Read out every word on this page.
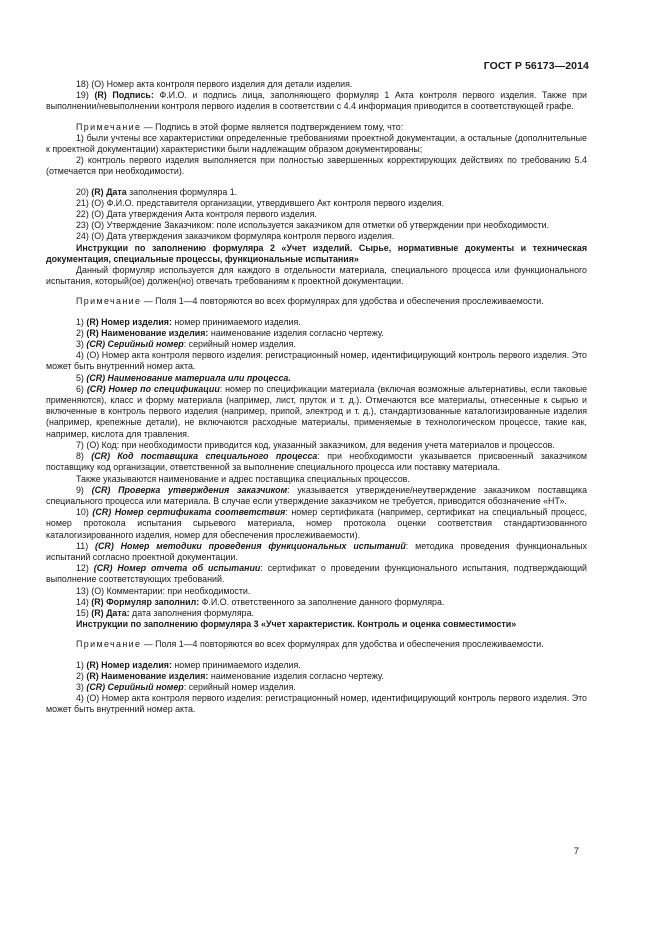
ГОСТ Р 56173—2014

18) (О) Номер акта контроля первого изделия для детали изделия.

19) (R) Подпись: Ф.И.О. и подпись лица, заполняющего формуляр 1 Акта контроля первого изделия. Также при выполнении/невыполнении контроля первого изделия в соответствии с 4.4 информация приводится в соответствующей графе.

Примечание — Подпись в этой форме является подтверждением тому, что:

1) были учтены все характеристики определенные требованиями проектной документации, а остальные (дополнительные к проектной документации) характеристики были надлежащим образом документированы;

2) контроль первого изделия выполняется при полностью завершенных корректирующих действиях по требованию 5.4 (отмечается при необходимости).

20) (R) Дата заполнения формуляра 1.

21) (О) Ф.И.О. представителя организации, утвердившего Акт контроля первого изделия.

22) (О) Дата утверждения Акта контроля первого изделия.

23) (О) Утверждение Заказчиком: поле используется заказчиком для отметки об утверждении при необходимости.

24) (О) Дата утверждения заказчиком формуляра контроля первого изделия.

Инструкции по заполнению формуляра 2 «Учет изделий. Сырье, нормативные документы и техническая документация, специальные процессы, функциональные испытания»

Данный формуляр используется для каждого в отдельности материала, специального процесса или функционального испытания, который(ое) должен(но) отвечать требованиям к проектной документации.

Примечание — Поля 1—4 повторяются во всех формулярах для удобства и обеспечения прослеживаемости.

1) (R) Номер изделия: номер принимаемого изделия.

2) (R) Наименование изделия: наименование изделия согласно чертежу.

3) (CR) Серийный номер: серийный номер изделия.

4) (О) Номер акта контроля первого изделия: регистрационный номер, идентифицирующий контроль первого изделия. Это может быть внутренний номер акта.

5) (CR) Наименование материала или процесса.

6) (CR) Номер по спецификации: номер по спецификации материала (включая возможные альтернативы, если таковые применяются), класс и форму материала (например, лист, пруток и т. д.). Отмечаются все материалы, отнесенные к сырью и включенные в контроль первого изделия (например, припой, электрод и т. д.), стандартизованные каталогизированные изделия (например, крепежные детали), не включаются расходные материалы, применяемые в технологическом процессе, такие как, например, кислота для травления.

7) (О) Код: при необходимости приводится код, указанный заказчиком, для ведения учета материалов и процессов.

8) (CR) Код поставщика специального процесса: при необходимости указывается присвоенный заказчиком поставщику код организации, ответственной за выполнение специального процесса или поставку материала.

Также указываются наименование и адрес поставщика специальных процессов.

9) (CR) Проверка утверждения заказчиком: указывается утверждение/неутверждение заказчиком поставщика специального процесса или материала. В случае если утверждение заказчиком не требуется, приводится обозначение «НТ».

10) (CR) Номер сертификата соответствия: номер сертификата (например, сертификат на специальный процесс, номер протокола испытания сырьевого материала, номер протокола оценки соответствия стандартизованного каталогизированного изделия, номер для обеспечения прослеживаемости).

11) (CR) Номер методики проведения функциональных испытаний: методика проведения функциональных испытаний согласно проектной документации.

12) (CR) Номер отчета об испытании: сертификат о проведении функционального испытания, подтверждающий выполнение соответствующих требований.

13) (О) Комментарии: при необходимости.

14) (R) Формуляр заполнил: Ф.И.О. ответственного за заполнение данного формуляра.

15) (R) Дата: дата заполнения формуляра.

Инструкции по заполнению формуляра 3 «Учет характеристик. Контроль и оценка совместимости»

Примечание — Поля 1—4 повторяются во всех формулярах для удобства и обеспечения прослеживаемости.

1) (R) Номер изделия: номер принимаемого изделия.

2) (R) Наименование изделия: наименование изделия согласно чертежу.

3) (CR) Серийный номер: серийный номер изделия.

4) (О) Номер акта контроля первого изделия: регистрационный номер, идентифицирующий контроль первого изделия. Это может быть внутренний номер акта.

7
